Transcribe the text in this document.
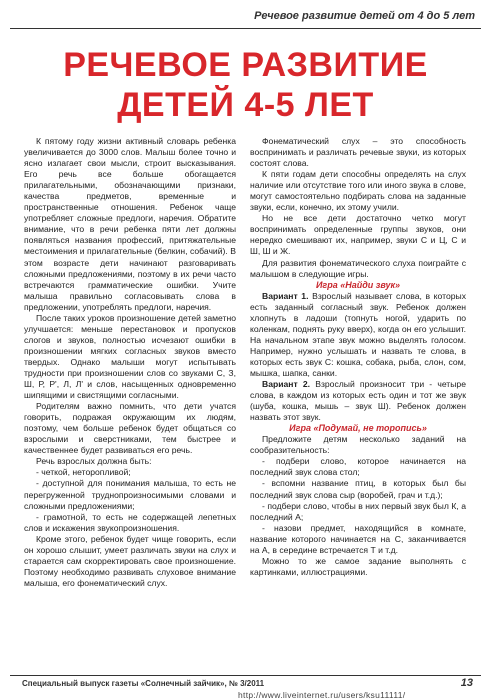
Речевое развитие детей от 4 до 5 лет
РЕЧЕВОЕ РАЗВИТИЕ
ДЕТЕЙ 4-5 ЛЕТ

К пятому году жизни активный словарь ребенка увеличивается до 3000 слов. Малыш более точно и ясно излагает свои мысли, строит высказывания. Его речь все больше обогащается прилагательными, обозначающими признаки, качества предметов, временные и пространственные отношения. Ребенок чаще употребляет сложные предлоги, наречия. Обратите внимание, что в речи ребенка пяти лет должны появляться названия профессий, притяжательные местоимения и прилагательные (белкин, собачий). В этом возрасте дети начинают разговаривать сложными предложениями, поэтому в их речи часто встречаются грамматические ошибки. Учите малыша правильно согласовывать слова в предложении, употреблять предлоги, наречия.

После таких уроков произношение детей заметно улучшается: меньше перестановок и пропусков слогов и звуков, полностью исчезают ошибки в произношении мягких согласных звуков вместо твердых. Однако малыши могут испытывать трудности при произношении слов со звуками С, З, Ш, Р, Р', Л, Л' и слов, насыщенных одновременно шипящими и свистящими согласными.

Родителям важно помнить, что дети учатся говорить, подражая окружающим их людям, поэтому, чем больше ребенок будет общаться со взрослыми и сверстниками, тем быстрее и качественнее будет развиваться его речь.

Речь взрослых должна быть:

- четкой, неторопливой;

- доступной для понимания малыша, то есть не перегруженной труднопроизносимыми словами и сложными предложениями;

- грамотной, то есть не содержащей лепетных слов и искажения звукопроизношения.

Кроме этого, ребенок будет чище говорить, если он хорошо слышит, умеет различать звуки на слух и старается сам скорректировать свое произношение. Поэтому необходимо развивать слуховое внимание малыша, его фонематический слух.

Фонематический слух – это способность воспринимать и различать речевые звуки, из которых состоят слова.

К пяти годам дети способны определять на слух наличие или отсутствие того или иного звука в слове, могут самостоятельно подбирать слова на заданные звуки, если, конечно, их этому учили.

Но не все дети достаточно четко могут воспринимать определенные группы звуков, они нередко смешивают их, например, звуки С и Ц, С и Ш, Ш и Ж.

Для развития фонематического слуха поиграйте с малышом в следующие игры.

Игра «Найди звук»

Вариант 1. Взрослый называет слова, в которых есть заданный согласный звук. Ребенок должен хлопнуть в ладоши (топнуть ногой, ударить по коленкам, поднять руку вверх), когда он его услышит. На начальном этапе звук можно выделять голосом. Например, нужно услышать и назвать те слова, в которых есть звук С: кошка, собака, рыба, слон, сом, мышка, шапка, санки.

Вариант 2. Взрослый произносит три - четыре слова, в каждом из которых есть один и тот же звук (шуба, кошка, мышь – звук Ш). Ребенок должен назвать этот звук.

Игра «Подумай, не торопись»

Предложите детям несколько заданий на сообразительность:

- подбери слово, которое начинается на последний звук слова стол;

- вспомни название птиц, в которых был бы последний звук слова сыр (воробей, грач и т.д.);

- подбери слово, чтобы в них первый звук был К, а последний А;

- назови предмет, находящийся в комнате, название которого начинается на С, заканчивается на А, в середине встречается Т и т.д.

Можно то же самое задание выполнять с картинками, иллюстрациями.

Специальный выпуск газеты «Солнечный зайчик», № 3/2011	13
http://www.liveinternet.ru/users/ksu11111/
